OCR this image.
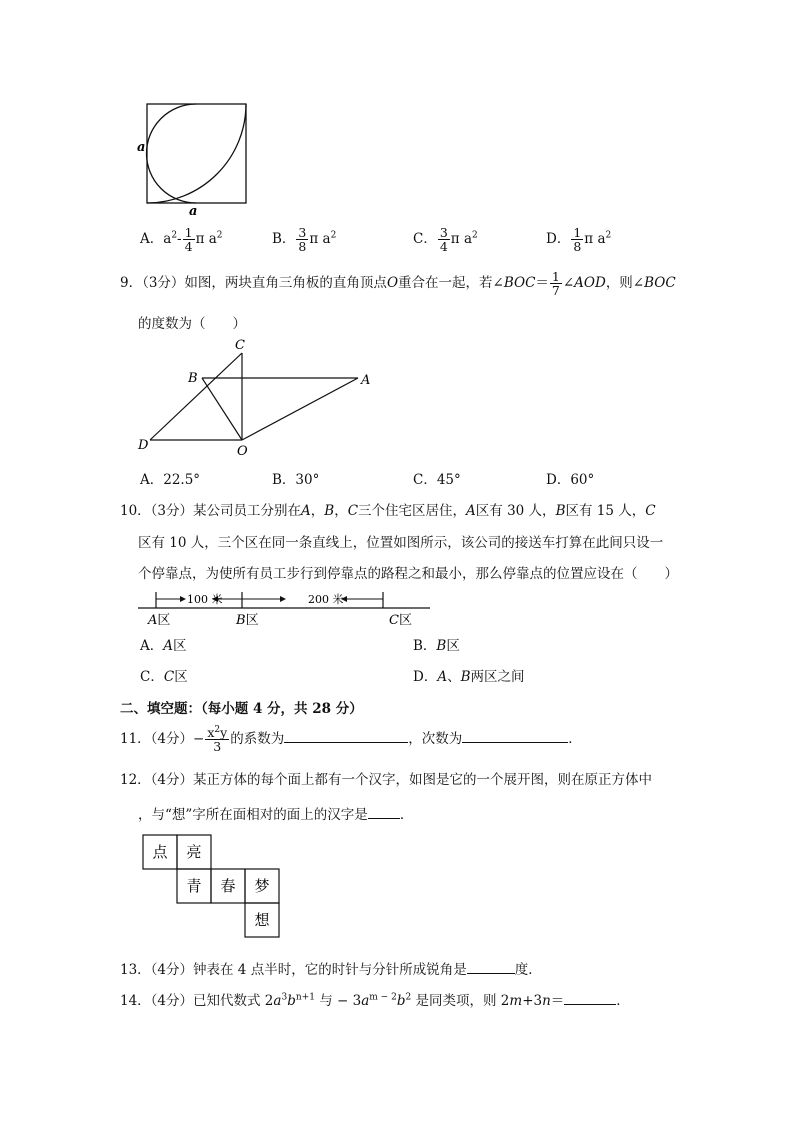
a
a
A．$a^2- \frac{1}{4}$ π $a^2$	B． $\frac{3}{8}$ π $a^2$	C． $\frac{3}{4}$ π $a^2$	D． $\frac{1}{8}$ π $a^2$
9．（3分）如图，两块直角三角板的直角顶点O重合在一起，若∠BOC＝ $\frac{1}{7}$ ∠AOD，则∠BOC
的度数为（　　）
C
B	A
D	O
A．22.5°	B．30°	C．45°	D．60°
10．（3分）某公司员工分别在A，B，C三个住宅区居住，A区有 30 人，B区有 15 人，C
区有 10 人，三个区在同一条直线上，位置如图所示，该公司的接送车打算在此间只设一
个停靠点，为使所有员工步行到停靠点的路程之和最小，那么停靠点的位置应设在（　　）
100 米	200 米
A区	B区	C区
A．A区	B．B区
C．C区	D．A、B两区之间
二、填空题：（每小题 4 分，共 28 分）
11．（4分）− $\frac{x^2y}{3}$ 的系数为	，次数为	．
12．（4分）某正方体的每个面上都有一个汉字，如图是它的一个展开图，则在原正方体中
，与“想”字所在面相对的面上的汉字是 ．
点 亮
青 春 梦
想
13．（4分）钟表在 4 点半时，它的时针与分针所成锐角是	度．
14．（4分）已知代数式 $2a^3b^{n+1}$ 与 − $3a^{m - 2}b^2$ 是同类项，则 2m+3n＝	．
